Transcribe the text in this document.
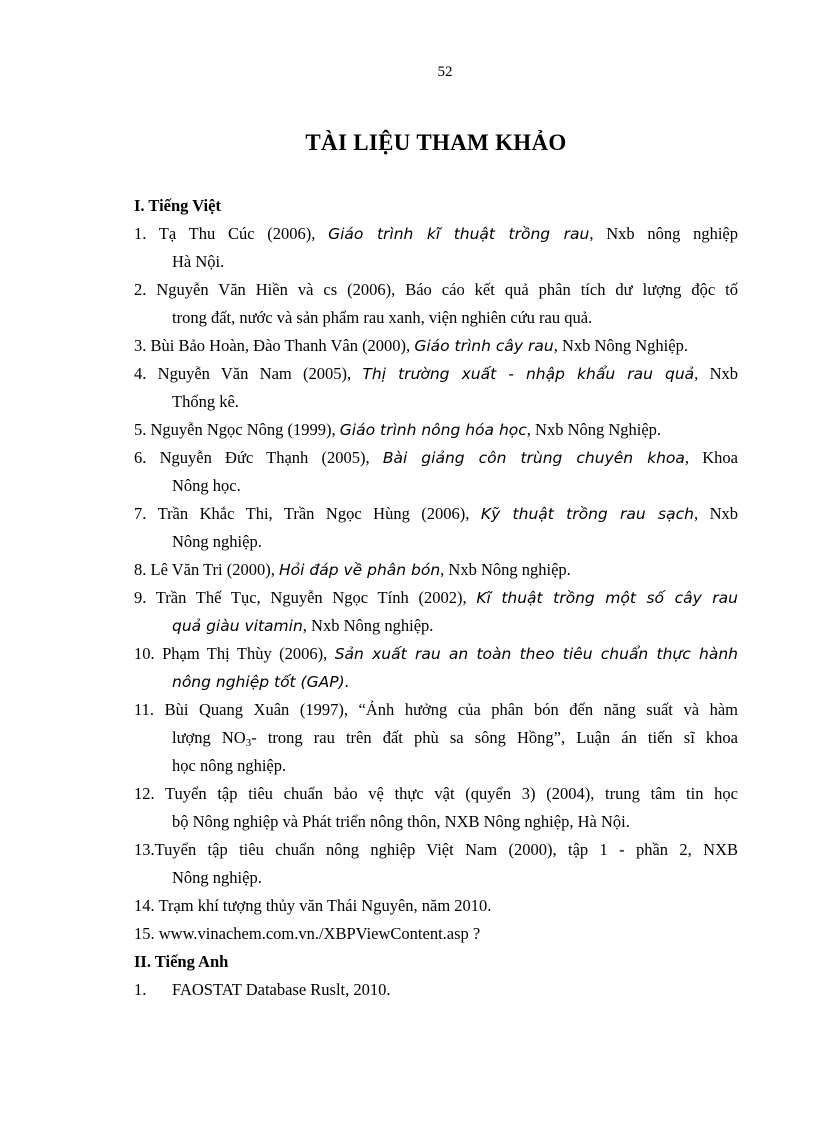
52
TÀI LIỆU THAM KHẢO

I. Tiếng Việt

1. Tạ Thu Cúc (2006), Giáo trình kĩ thuật trồng rau, Nxb nông nghiệp
Hà Nội.

2. Nguyễn Văn Hiền và cs (2006), Báo cáo kết quả phân tích dư lượng độc tố
trong đất, nước và sản phẩm rau xanh, viện nghiên cứu rau quả.

3. Bùi Bảo Hoàn, Đào Thanh Vân (2000), Giáo trình cây rau, Nxb Nông Nghiệp.

4. Nguyễn Văn Nam (2005), Thị trường xuất - nhập khẩu rau quả, Nxb
Thống kê.

5. Nguyễn Ngọc Nông (1999), Giáo trình nông hóa học, Nxb Nông Nghiệp.

6. Nguyễn Đức Thạnh (2005), Bài giảng côn trùng chuyên khoa, Khoa
Nông học.

7. Trần Khắc Thi, Trần Ngọc Hùng (2006), Kỹ thuật trồng rau sạch, Nxb
Nông nghiệp.

8. Lê Văn Tri (2000), Hỏi đáp về phân bón, Nxb Nông nghiệp.

9. Trần Thế Tục, Nguyễn Ngọc Tính (2002), Kĩ thuật trồng một số cây rau
quả giàu vitamin, Nxb Nông nghiệp.

10. Phạm Thị Thùy (2006), Sản xuất rau an toàn theo tiêu chuẩn thực hành
nông nghiệp tốt (GAP).

11. Bùi Quang Xuân (1997), “Ảnh hưởng của phân bón đến năng suất và hàm
lượng $NO_3-$ trong rau trên đất phù sa sông Hồng”, Luận án tiến sĩ khoa
học nông nghiệp.

12. Tuyển tập tiêu chuẩn bảo vệ thực vật (quyển 3) (2004), trung tâm tin học
bộ Nông nghiệp và Phát triển nông thôn, NXB Nông nghiệp, Hà Nội.

13.Tuyển tập tiêu chuẩn nông nghiệp Việt Nam (2000), tập 1 - phần 2, NXB
Nông nghiệp.

14. Trạm khí tượng thủy văn Thái Nguyên, năm 2010.

15. www.vinachem.com.vn./XBPViewContent.asp ?

II. Tiếng Anh

1. FAOSTAT Database Ruslt, 2010.
